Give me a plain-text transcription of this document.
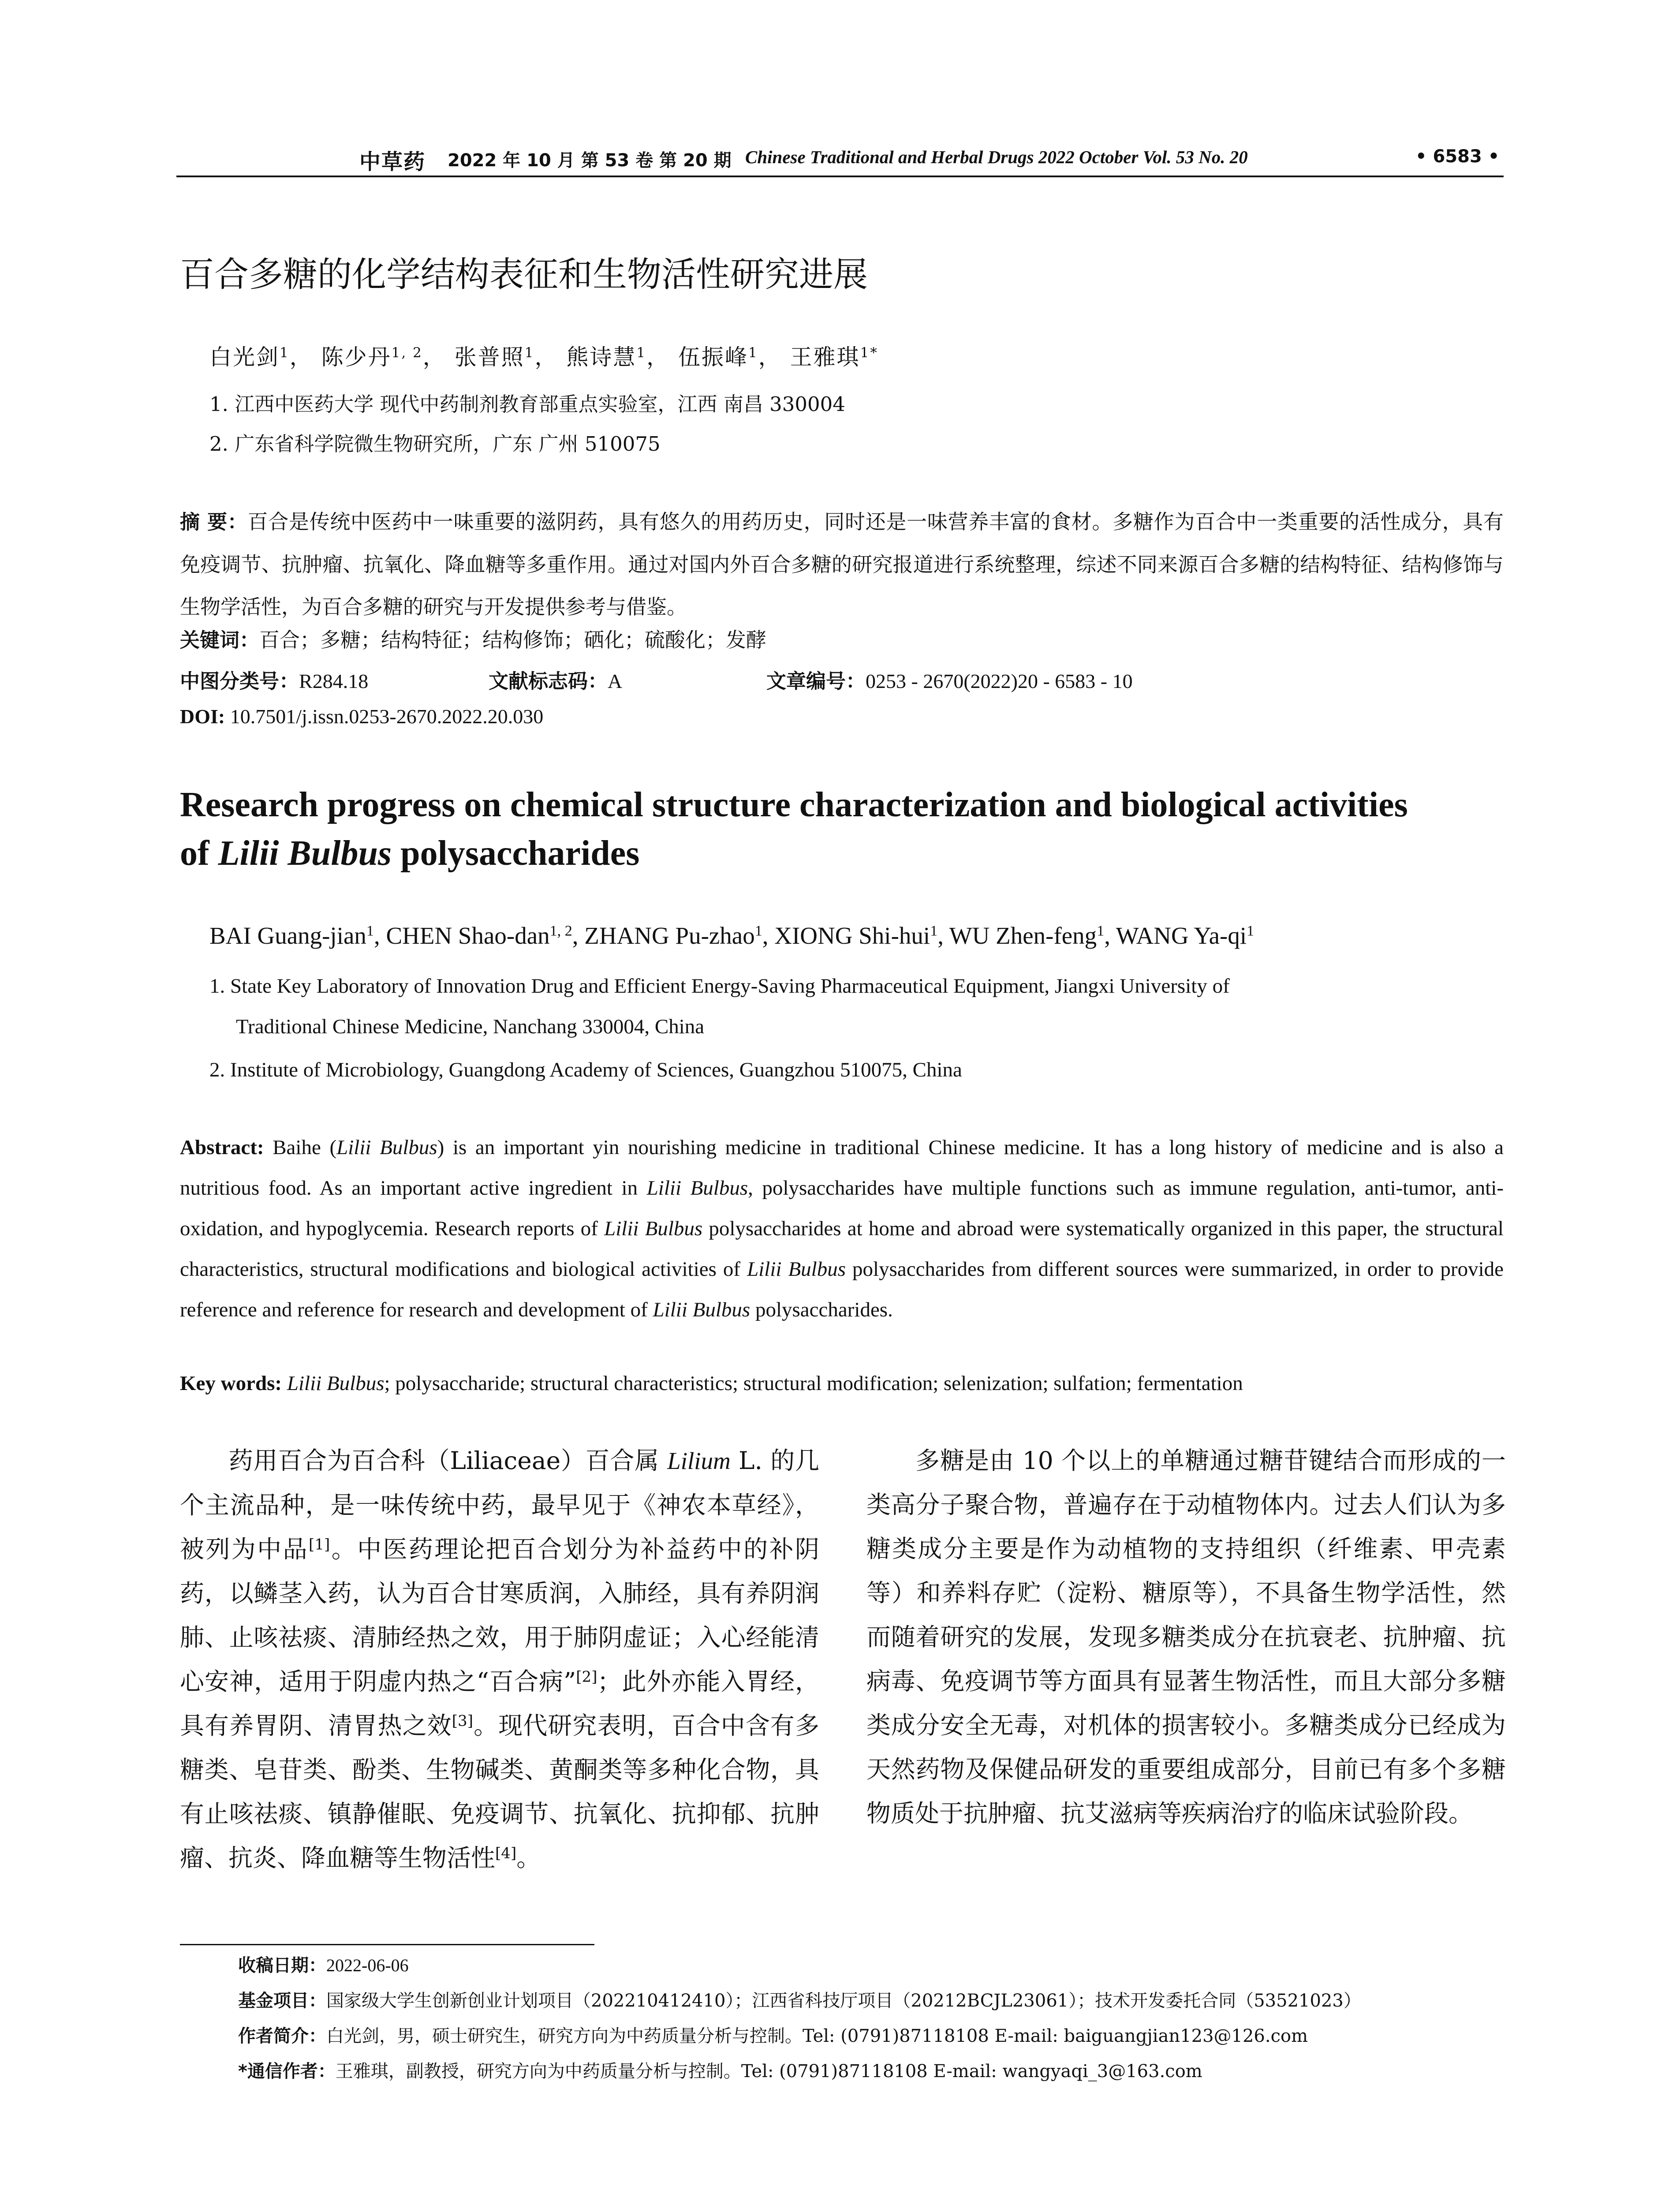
中草药 2022 年 10 月 第 53 卷 第 20 期 Chinese Traditional and Herbal Drugs 2022 October Vol. 53 No. 20	• 6583 •
百合多糖的化学结构表征和生物活性研究进展
白光剑$^1$， 陈少丹$^{1, 2}$， 张普照$^1$， 熊诗慧$^1$， 伍振峰$^1$， 王雅琪$^{1*}$
1. 江西中医药大学 现代中药制剂教育部重点实验室，江西 南昌 330004
2. 广东省科学院微生物研究所，广东 广州 510075
摘 要：百合是传统中医药中一味重要的滋阴药，具有悠久的用药历史，同时还是一味营养丰富的食材。多糖作为百合中一类重要的活性成分，具有免疫调节、抗肿瘤、抗氧化、降血糖等多重作用。通过对国内外百合多糖的研究报道进行系统整理，综述不同来源百合多糖的结构特征、结构修饰与生物学活性，为百合多糖的研究与开发提供参考与借鉴。
关键词：百合；多糖；结构特征；结构修饰；硒化；硫酸化；发酵
中图分类号：R284.18	文献标志码：A	文章编号：0253 - 2670(2022)20 - 6583 - 10
DOI: 10.7501/j.issn.0253-2670.2022.20.030
Research progress on chemical structure characterization and biological activities
of Lilii Bulbus polysaccharides
BAI Guang-jian$^1$, CHEN Shao-dan$^{1, 2}$, ZHANG Pu-zhao$^1$, XIONG Shi-hui$^1$, WU Zhen-feng$^1$, WANG $Ya-qi^1$
1. State Key Laboratory of Innovation Drug and Efficient Energy-Saving Pharmaceutical Equipment, Jiangxi University of
Traditional Chinese Medicine, Nanchang 330004, China
2. Institute of Microbiology, Guangdong Academy of Sciences, Guangzhou 510075, China
Abstract: Baihe (Lilii Bulbus) is an important yin nourishing medicine in traditional Chinese medicine. It has a long history of medicine and is also a nutritious food. As an important active ingredient in Lilii Bulbus, polysaccharides have multiple functions such as immune regulation, anti-tumor, anti-oxidation, and hypoglycemia. Research reports of Lilii Bulbus polysaccharides at home and abroad were systematically organized in this paper, the structural characteristics, structural modifications and biological activities of Lilii Bulbus polysaccharides from different sources were summarized, in order to provide reference and reference for research and development of Lilii Bulbus polysaccharides.
Key words: Lilii Bulbus; polysaccharide; structural characteristics; structural modification; selenization; sulfation; fermentation
药用百合为百合科（Liliaceae）百合属 Lilium L. 的几个主流品种，是一味传统中药，最早见于《神农本草经》，被列为中品[1]。中医药理论把百合划分为补益药中的补阴药，以鳞茎入药，认为百合甘寒质润，入肺经，具有养阴润肺、止咳祛痰、清肺经热之效，用于肺阴虚证；入心经能清心安神，适用于阴虚内热之“百合病”[2]；此外亦能入胃经，具有养胃阴、清胃热之效[3]。现代研究表明，百合中含有多糖类、皂苷类、酚类、生物碱类、黄酮类等多种化合物，具有止咳祛痰、镇静催眠、免疫调节、抗氧化、抗抑郁、抗肿瘤、抗炎、降血糖等生物活性[4]。
多糖是由 10 个以上的单糖通过糖苷键结合而形成的一类高分子聚合物，普遍存在于动植物体内。过去人们认为多糖类成分主要是作为动植物的支持组织（纤维素、甲壳素等）和养料存贮（淀粉、糖原等），不具备生物学活性，然而随着研究的发展，发现多糖类成分在抗衰老、抗肿瘤、抗病毒、免疫调节等方面具有显著生物活性，而且大部分多糖类成分安全无毒，对机体的损害较小。多糖类成分已经成为天然药物及保健品研发的重要组成部分，目前已有多个多糖物质处于抗肿瘤、抗艾滋病等疾病治疗的临床试验阶段。
收稿日期：2022-06-06
基金项目：国家级大学生创新创业计划项目（202210412410）；江西省科技厅项目（20212BCJL23061）；技术开发委托合同（53521023）
作者简介：白光剑，男，硕士研究生，研究方向为中药质量分析与控制。Tel: (0791)87118108 E-mail: baiguangjian123@126.com
*通信作者：王雅琪，副教授，研究方向为中药质量分析与控制。Tel: (0791)87118108 E-mail: wangyaqi_3@163.com
